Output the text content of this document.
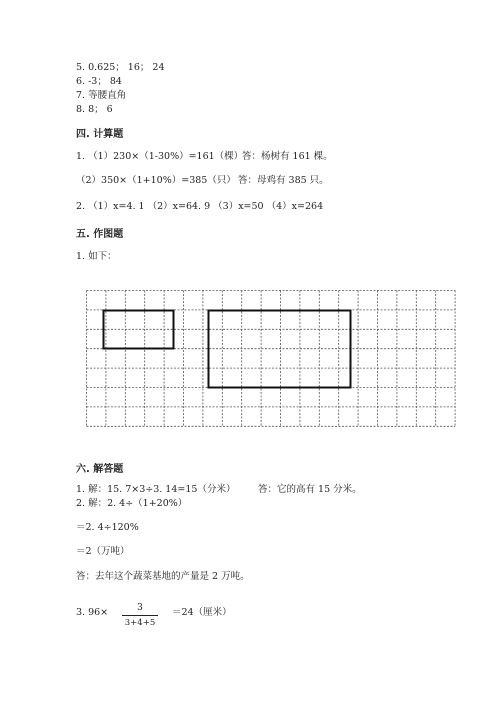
5. 0.625； 16； 24
6. -3； 84
7. 等腰直角
8. 8； 6
四. 计算题
1. （1）230×（1-30%）=161（棵）
答：杨树有 161 棵。
（2）350×（1+10%）=385（只） 答：母鸡有 385 只。
2. （1）x=4. 1 （2）x=64. 9 （3）x=50 （4）x=264
五. 作图题
1. 如下：
六. 解答题
1. 解：15. 7×3÷3. 14=15（分米） 答：它的高有 15 分米。
2. 解：2. 4÷（1+20%）
＝2. 4÷120%
＝2（万吨）
答：去年这个蔬菜基地的产量是 2 万吨。
3. 96×	3
3+4+5
＝24（厘米）
